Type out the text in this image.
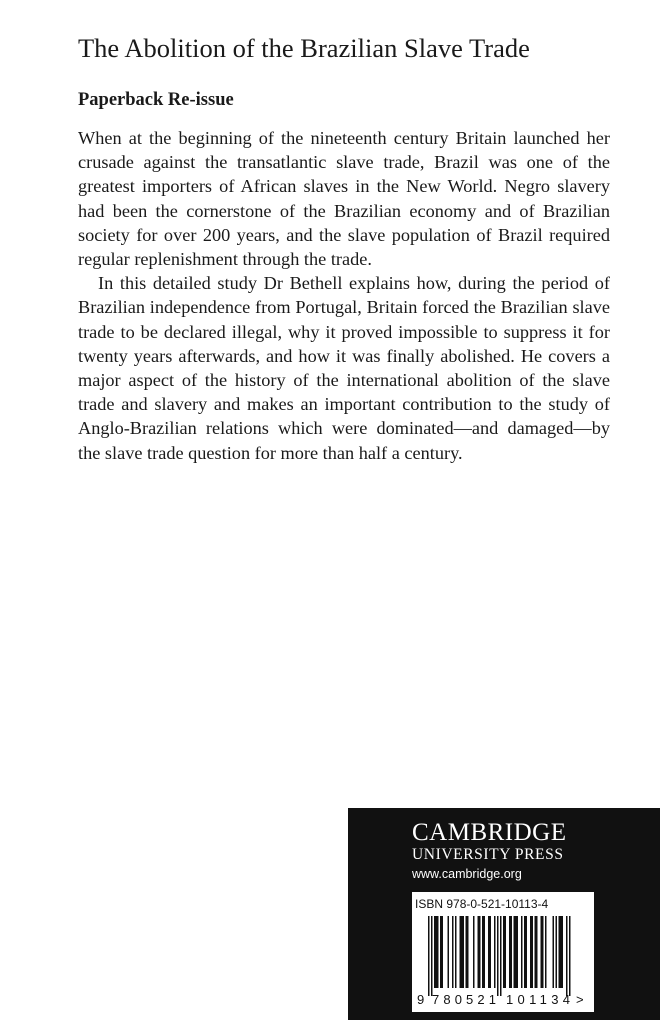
The Abolition of the Brazilian Slave Trade
Paperback Re-issue

When at the beginning of the nineteenth century Britain launched her crusade against the transatlantic slave trade, Brazil was one of the greatest importers of African slaves in the New World. Negro slavery had been the cornerstone of the Brazilian economy and of Brazilian society for over 200 years, and the slave population of Brazil required regular replenishment through the trade.

In this detailed study Dr Bethell explains how, during the period of Brazilian independence from Portugal, Britain forced the Brazilian slave trade to be declared illegal, why it proved impossible to suppress it for twenty years afterwards, and how it was finally abolished. He covers a major aspect of the history of the international abolition of the slave trade and slavery and makes an important contribution to the study of Anglo-Brazilian relations which were dominated—and damaged—by the slave trade question for more than half a century.

CAMBRIDGE
UNIVERSITY PRESS
www.cambridge.org
ISBN 978-0-521-10113-4
9 780521 101134 >
